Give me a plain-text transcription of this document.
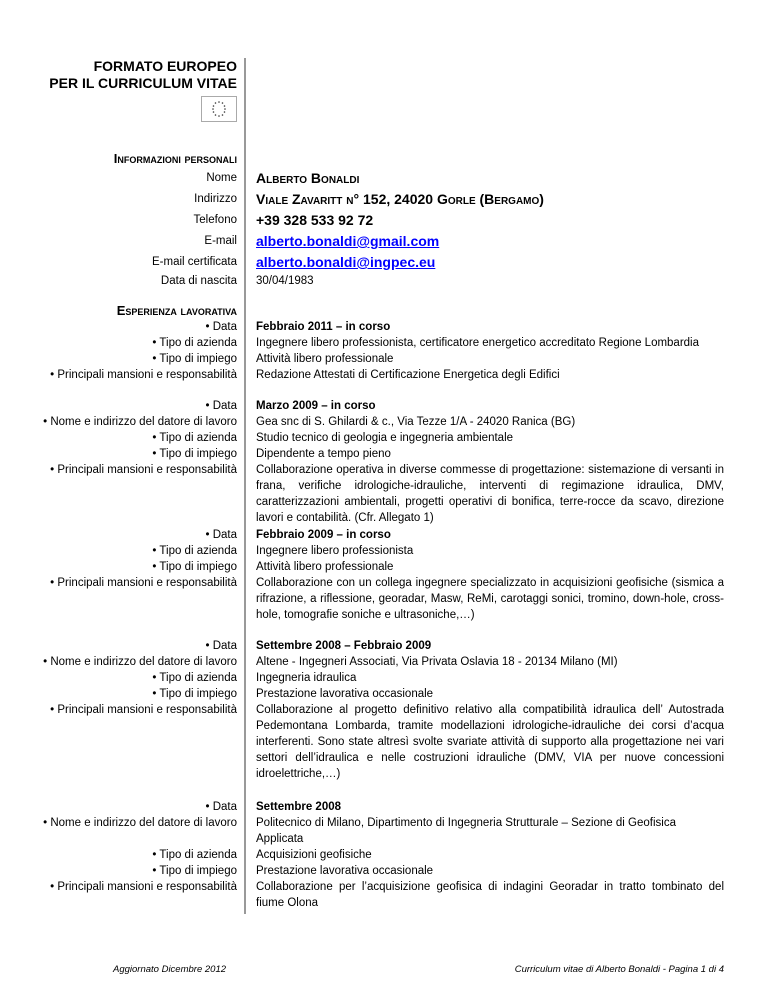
FORMATO EUROPEO
PER IL CURRICULUM VITAE
Informazioni personali
Nome Alberto Bonaldi
Indirizzo Viale Zavaritt n° 152, 24020 Gorle (Bergamo)
Telefono +39 328 533 92 72
E-mail alberto.bonaldi@gmail.com
E-mail certificata alberto.bonaldi@ingpec.eu
Data di nascita 30/04/1983
Esperienza lavorativa
• Data Febbraio 2011 – in corso
• Tipo di azienda Ingegnere libero professionista, certificatore energetico accreditato Regione Lombardia
• Tipo di impiego Attività libero professionale
• Principali mansioni e responsabilità Redazione Attestati di Certificazione Energetica degli Edifici
• Data Marzo 2009 – in corso
• Nome e indirizzo del datore di lavoro Gea snc di S. Ghilardi & c., Via Tezze 1/A - 24020 Ranica (BG)
• Tipo di azienda Studio tecnico di geologia e ingegneria ambientale
• Tipo di impiego Dipendente a tempo pieno
• Principali mansioni e responsabilità Collaborazione operativa in diverse commesse di progettazione: sistemazione di versanti in frana, verifiche idrologiche-idrauliche, interventi di regimazione idraulica, DMV, caratterizzazioni ambientali, progetti operativi di bonifica, terre-rocce da scavo, direzione lavori e contabilità. (Cfr. Allegato 1)
• Data Febbraio 2009 – in corso
• Tipo di azienda Ingegnere libero professionista
• Tipo di impiego Attività libero professionale
• Principali mansioni e responsabilità Collaborazione con un collega ingegnere specializzato in acquisizioni geofisiche (sismica a rifrazione, a riflessione, georadar, Masw, ReMi, carotaggi sonici, tromino, down-hole, cross-hole, tomografie soniche e ultrasoniche,…)
• Data Settembre 2008 – Febbraio 2009
• Nome e indirizzo del datore di lavoro Altene - Ingegneri Associati, Via Privata Oslavia 18 - 20134 Milano (MI)
• Tipo di azienda Ingegneria idraulica
• Tipo di impiego Prestazione lavorativa occasionale
• Principali mansioni e responsabilità Collaborazione al progetto definitivo relativo alla compatibilità idraulica dell’ Autostrada Pedemontana Lombarda, tramite modellazioni idrologiche-idrauliche dei corsi d’acqua interferenti. Sono state altresì svolte svariate attività di supporto alla progettazione nei vari settori dell’idraulica e nelle costruzioni idrauliche (DMV, VIA per nuove concessioni idroelettriche,…)
• Data Settembre 2008
• Nome e indirizzo del datore di lavoro Politecnico di Milano, Dipartimento di Ingegneria Strutturale – Sezione di Geofisica Applicata
• Tipo di azienda Acquisizioni geofisiche
• Tipo di impiego Prestazione lavorativa occasionale
• Principali mansioni e responsabilità Collaborazione per l’acquisizione geofisica di indagini Georadar in tratto tombinato del fiume Olona
Aggiornato Dicembre 2012	Curriculum vitae di Alberto Bonaldi - Pagina 1 di 4
